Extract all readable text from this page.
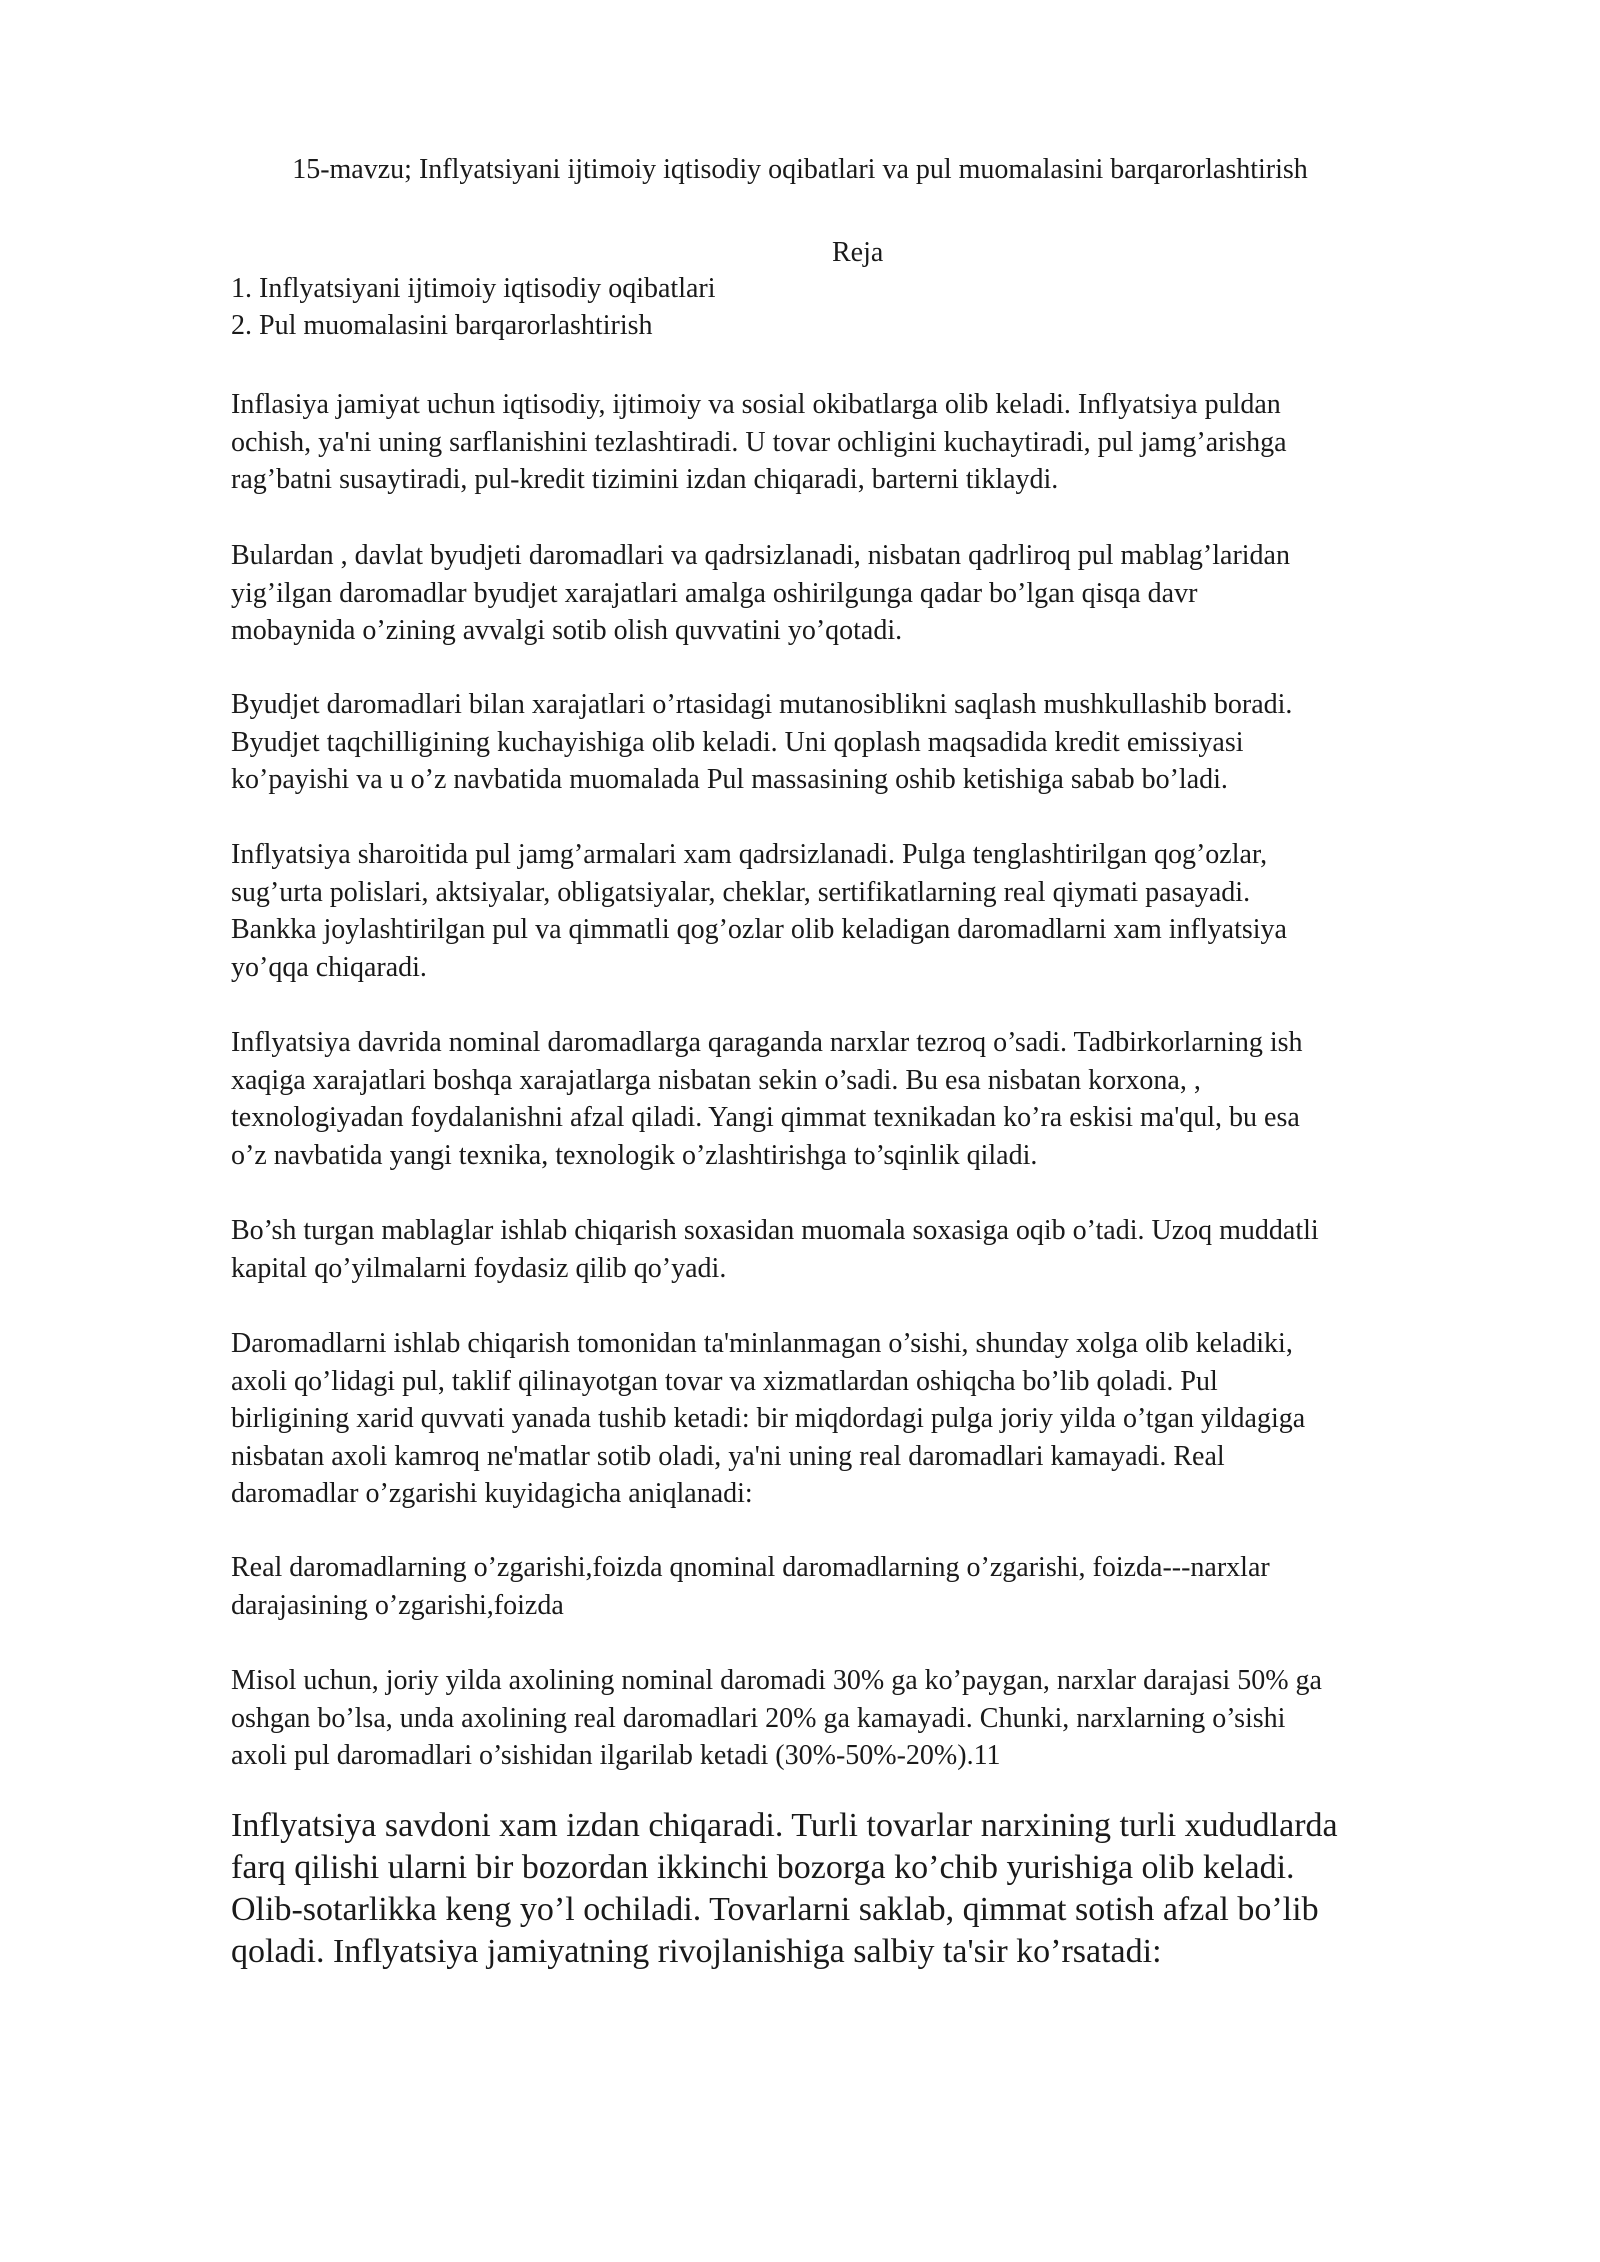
15-mavzu; Inflyatsiyani ijtimoiy iqtisodiy oqibatlari va pul muomalasini barqarorlashtirish
Reja
1. Inflyatsiyani ijtimoiy iqtisodiy oqibatlari
2. Pul muomalasini barqarorlashtirish

Inflasiya jamiyat uchun iqtisodiy, ijtimoiy va sosial okibatlarga olib keladi. Inflyatsiya puldan
ochish, ya'ni uning sarflanishini tezlashtiradi. U tovar ochligini kuchaytiradi, pul jamg’arishga
rag’batni susaytiradi, pul-kredit tizimini izdan chiqaradi, barterni tiklaydi.

Bulardan , davlat byudjeti daromadlari va qadrsizlanadi, nisbatan qadrliroq pul mablag’laridan
yig’ilgan daromadlar byudjet xarajatlari amalga oshirilgunga qadar bo’lgan qisqa davr
mobaynida o’zining avvalgi sotib olish quvvatini yo’qotadi.

Byudjet daromadlari bilan xarajatlari o’rtasidagi mutanosiblikni saqlash mushkullashib boradi.
Byudjet taqchilligining kuchayishiga olib keladi. Uni qoplash maqsadida kredit emissiyasi
ko’payishi va u o’z navbatida muomalada Pul massasining oshib ketishiga sabab bo’ladi.

Inflyatsiya sharoitida pul jamg’armalari xam qadrsizlanadi. Pulga tenglashtirilgan qog’ozlar,
sug’urta polislari, aktsiyalar, obligatsiyalar, cheklar, sertifikatlarning real qiymati pasayadi.
Bankka joylashtirilgan pul va qimmatli qog’ozlar olib keladigan daromadlarni xam inflyatsiya
yo’qqa chiqaradi.

Inflyatsiya davrida nominal daromadlarga qaraganda narxlar tezroq o’sadi. Tadbirkorlarning ish
xaqiga xarajatlari boshqa xarajatlarga nisbatan sekin o’sadi. Bu esa nisbatan korxona, ,
texnologiyadan foydalanishni afzal qiladi. Yangi qimmat texnikadan ko’ra eskisi ma'qul, bu esa
o’z navbatida yangi texnika, texnologik o’zlashtirishga to’sqinlik qiladi.

Bo’sh turgan mablaglar ishlab chiqarish soxasidan muomala soxasiga oqib o’tadi. Uzoq muddatli
kapital qo’yilmalarni foydasiz qilib qo’yadi.

Daromadlarni ishlab chiqarish tomonidan ta'minlanmagan o’sishi, shunday xolga olib keladiki,
axoli qo’lidagi pul, taklif qilinayotgan tovar va xizmatlardan oshiqcha bo’lib qoladi. Pul
birligining xarid quvvati yanada tushib ketadi: bir miqdordagi pulga joriy yilda o’tgan yildagiga
nisbatan axoli kamroq ne'matlar sotib oladi, ya'ni uning real daromadlari kamayadi. Real
daromadlar o’zgarishi kuyidagicha aniqlanadi:

Real daromadlarning o’zgarishi,foizda qnominal daromadlarning o’zgarishi, foizda---narxlar
darajasining o’zgarishi,foizda

Misol uchun, joriy yilda axolining nominal daromadi 30% ga ko’paygan, narxlar darajasi 50% ga
oshgan bo’lsa, unda axolining real daromadlari 20% ga kamayadi. Chunki, narxlarning o’sishi
axoli pul daromadlari o’sishidan ilgarilab ketadi (30%-50%-20%).11

Inflyatsiya savdoni xam izdan chiqaradi. Turli tovarlar narxining turli xududlarda
farq qilishi ularni bir bozordan ikkinchi bozorga ko’chib yurishiga olib keladi.
Olib-sotarlikka keng yo’l ochiladi. Tovarlarni saklab, qimmat sotish afzal bo’lib
qoladi. Inflyatsiya jamiyatning rivojlanishiga salbiy ta'sir ko’rsatadi:
